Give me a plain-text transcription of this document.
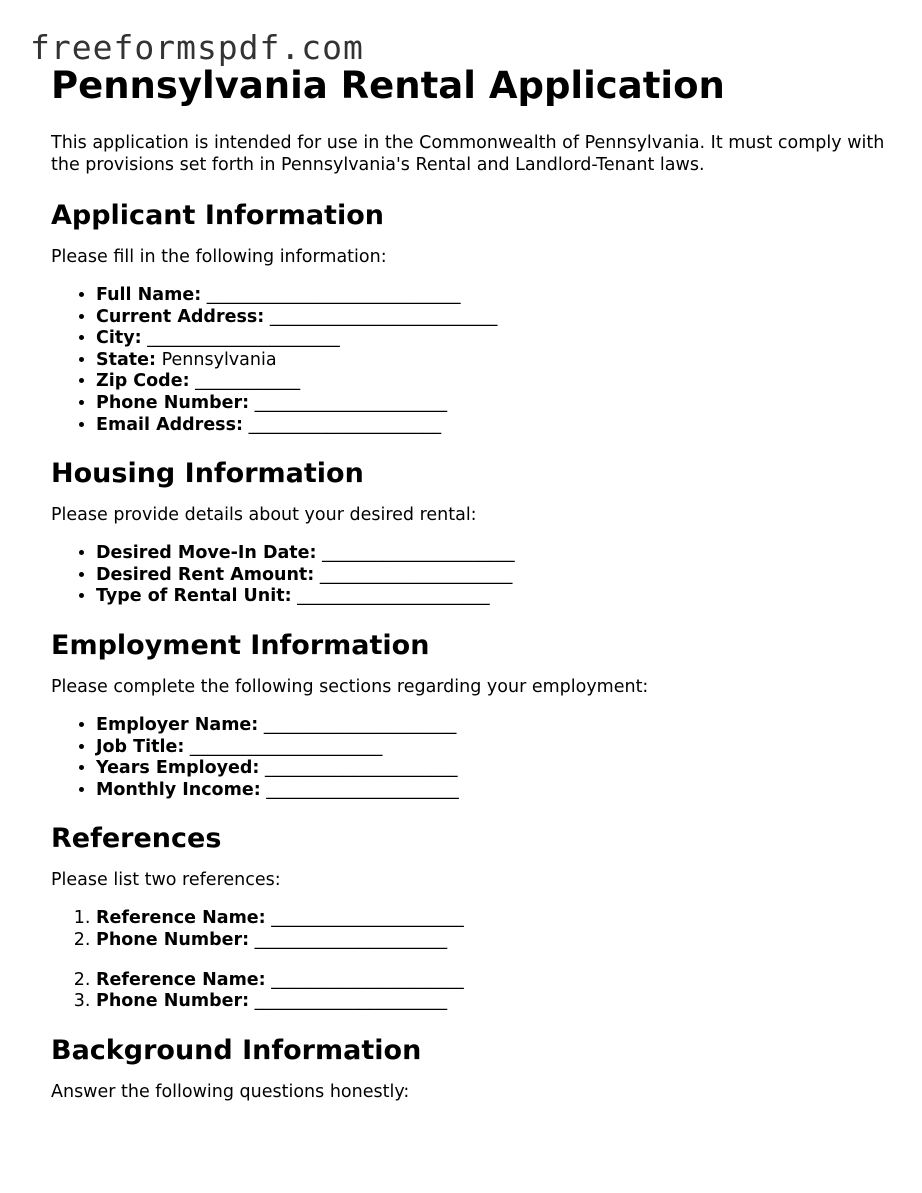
freeformspdf.com
Pennsylvania Rental Application

This application is intended for use in the Commonwealth of Pennsylvania. It must comply with the provisions set forth in Pennsylvania's Rental and Landlord-Tenant laws.

Applicant Information

Please fill in the following information:

• Full Name: _____________________________
• Current Address: __________________________
• City: ______________________
• State: Pennsylvania
• Zip Code: ____________
• Phone Number: ______________________
• Email Address: ______________________
Housing Information

Please provide details about your desired rental:

• Desired Move-In Date: ______________________
• Desired Rent Amount: ______________________
• Type of Rental Unit: ______________________
Employment Information

Please complete the following sections regarding your employment:

• Employer Name: ______________________
• Job Title: ______________________
• Years Employed: ______________________
• Monthly Income: ______________________
References

Please list two references:

1. Reference Name: ______________________
2. Phone Number: ______________________
2. Reference Name: ______________________
3. Phone Number: ______________________
Background Information

Answer the following questions honestly:
